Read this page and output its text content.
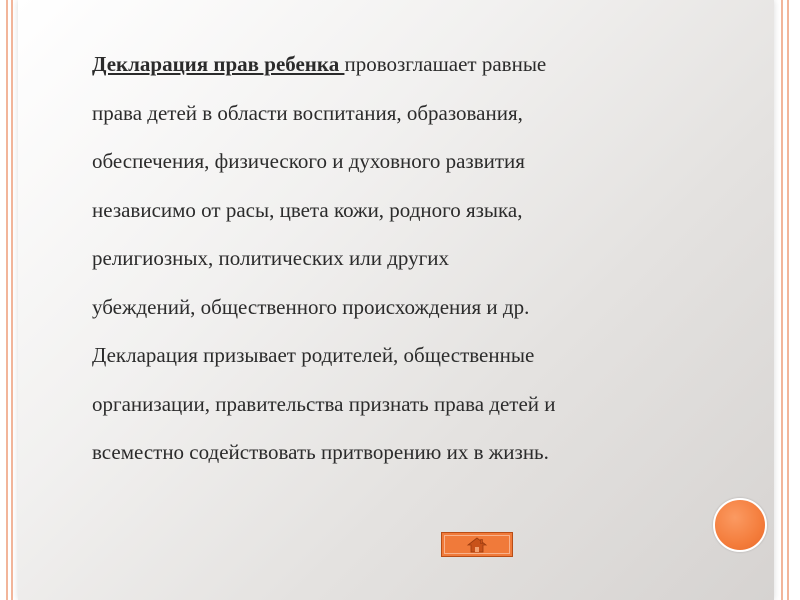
Декларация прав ребенка провозглашает равные
права детей в области воспитания, образования,
обеспечения, физического и духовного развития
независимо от расы, цвета кожи, родного языка,
религиозных, политических или других
убеждений, общественного происхождения и др.
Декларация призывает родителей, общественные
организации, правительства признать права детей и
всеместно содействовать притворению их в жизнь.
